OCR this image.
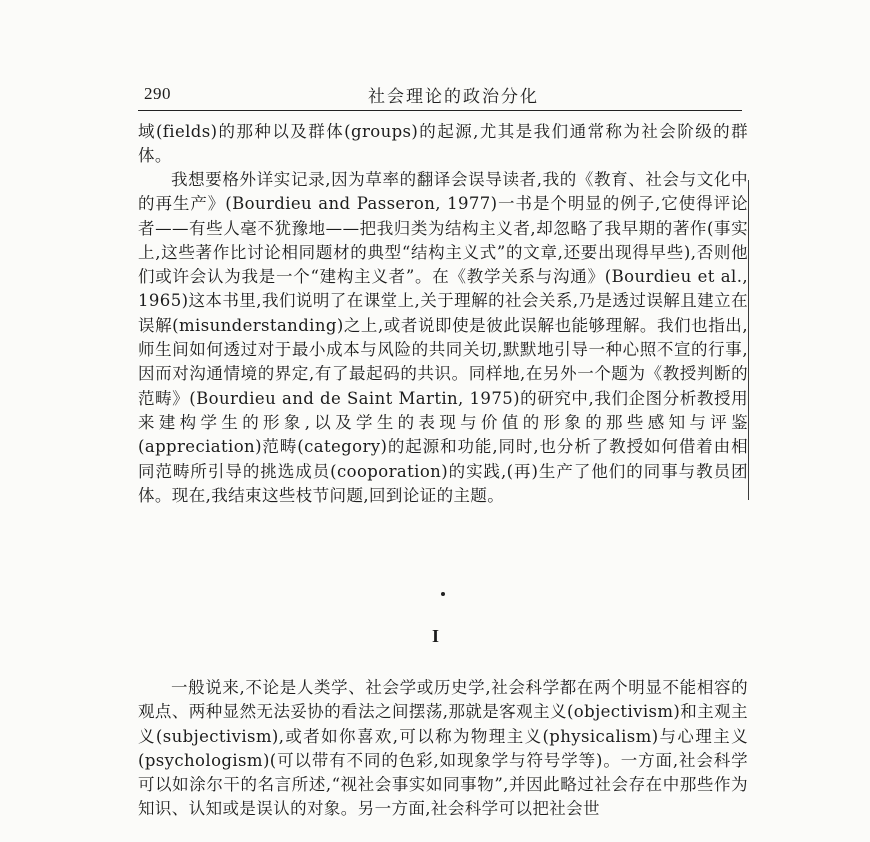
290	社会理论的政治分化

域(fields)的那种以及群体(groups)的起源,尤其是我们通常称为社会阶级的群体。

我想要格外详实记录,因为草率的翻译会误导读者,我的《教育、社会与文化中的再生产》(Bourdieu and Passeron, 1977)一书是个明显的例子,它使得评论者——有些人毫不犹豫地——把我归类为结构主义者,却忽略了我早期的著作(事实上,这些著作比讨论相同题材的典型“结构主义式”的文章,还要出现得早些),否则他们或许会认为我是一个“建构主义者”。在《教学关系与沟通》(Bourdieu et al., 1965)这本书里,我们说明了在课堂上,关于理解的社会关系,乃是透过误解且建立在误解(misunderstanding)之上,或者说即使是彼此误解也能够理解。我们也指出,师生间如何透过对于最小成本与风险的共同关切,默默地引导一种心照不宣的行事,因而对沟通情境的界定,有了最起码的共识。同样地,在另外一个题为《教授判断的范畴》(Bourdieu and de Saint Martin, 1975)的研究中,我们企图分析教授用来建构学生的形象,以及学生的表现与价值的形象的那些感知与评鉴(appreciation)范畴(category)的起源和功能,同时,也分析了教授如何借着由相同范畴所引导的挑选成员(cooporation)的实践,(再)生产了他们的同事与教员团体。现在,我结束这些枝节问题,回到论证的主题。

I

一般说来,不论是人类学、社会学或历史学,社会科学都在两个明显不能相容的观点、两种显然无法妥协的看法之间摆荡,那就是客观主义(objectivism)和主观主义(subjectivism),或者如你喜欢,可以称为物理主义(physicalism)与心理主义(psychologism)(可以带有不同的色彩,如现象学与符号学等)。一方面,社会科学可以如涂尔干的名言所述,“视社会事实如同事物”,并因此略过社会存在中那些作为知识、认知或是误认的对象。另一方面,社会科学可以把社会世
